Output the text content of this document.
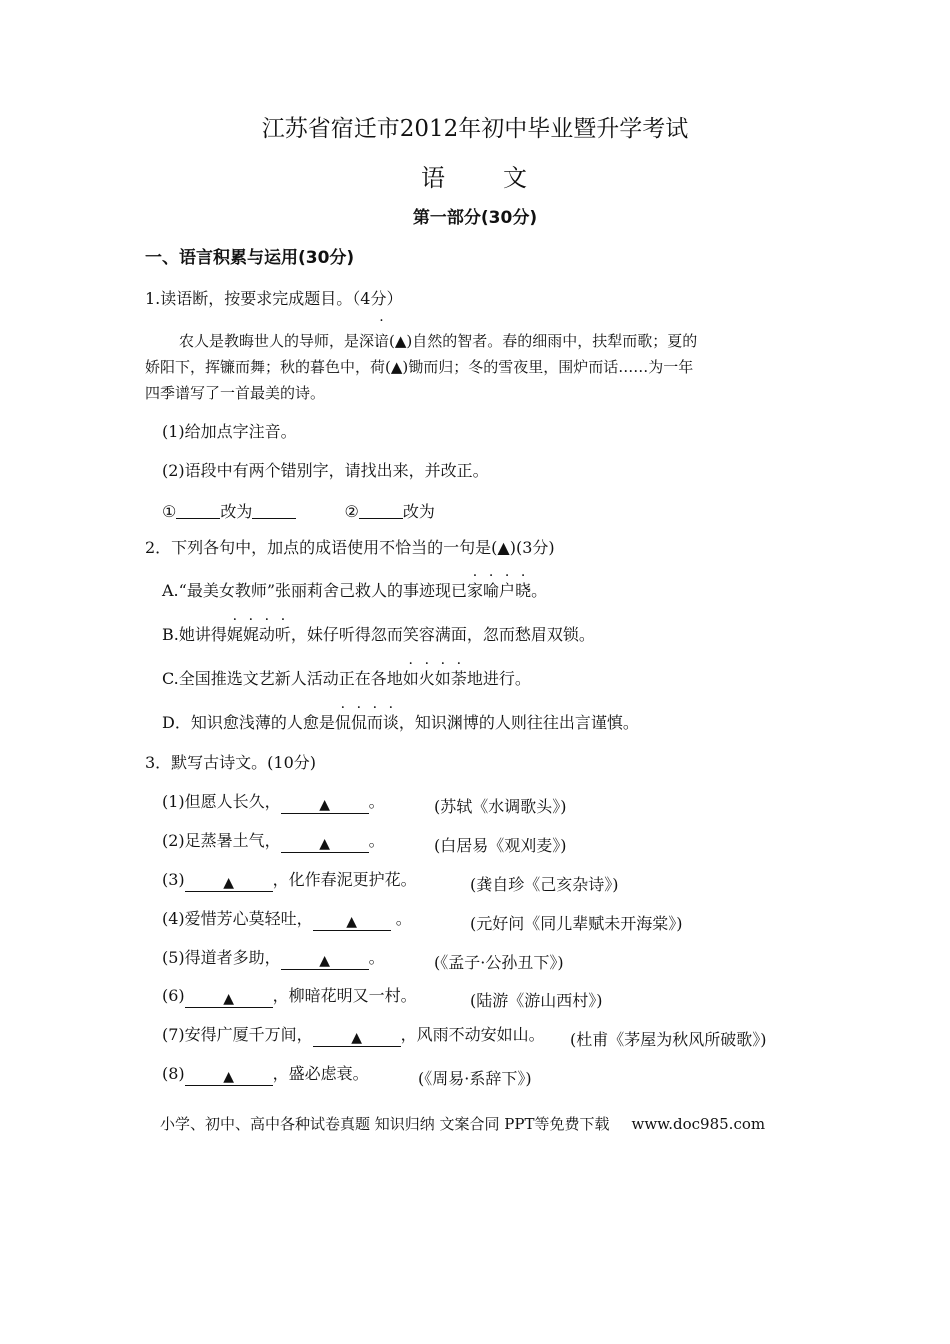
江苏省宿迁市2012年初中毕业暨升学考试
语 文
第一部分(30分)
一、语言积累与运用(30分)
1.读语断，按要求完成题目。（4分）

农人是教晦世人的导师，是深谙(▲)自然的智者。春的细雨中，扶犁而歌；夏的

娇阳下，挥镰而舞；秋的暮色中，荷(▲)锄而归；冬的雪夜里，围炉而话……为一年

四季谱写了一首最美的诗。

(1)给加点字注音。
(2)语段中有两个错别字，请找出来，并改正。
①	改为	②	改为
2．下列各句中，加点的成语使用不恰当的一句是(▲)(3分)
A.“最美女教师”张丽莉舍己救人的事迹现已家喻户晓。
B.她讲得娓娓动听，妹仔听得忽而笑容满面，忽而愁眉双锁。
C.全国推选文艺新人活动正在各地如火如荼地进行。
D．知识愈浅薄的人愈是侃侃而谈，知识渊博的人则往往出言谨慎。
3．默写古诗文。(10分)
(1)但愿人长久，	▲ 。	(苏轼《水调歌头》)
(2)足蒸暑土气，	▲ 。	(白居易《观刈麦》)
(3)	▲ ，化作春泥更护花。	(龚自珍《己亥杂诗》)
(4)爱惜芳心莫轻吐， ▲ 。	(元好问《同儿辈赋未开海棠》)
(5)得道者多助，	▲ 。	(《孟子·公孙丑下》)
(6)	▲ ，柳暗花明又一村。	(陆游《游山西村》)
(7)安得广厦千万间，	▲ ，风雨不动安如山。 (杜甫《茅屋为秋风所破歌》)
(8)	▲ ，盛必虑衰。	(《周易·系辞下》)
小学、初中、高中各种试卷真题 知识归纳 文案合同 PPT等免费下载 www.doc985.com
